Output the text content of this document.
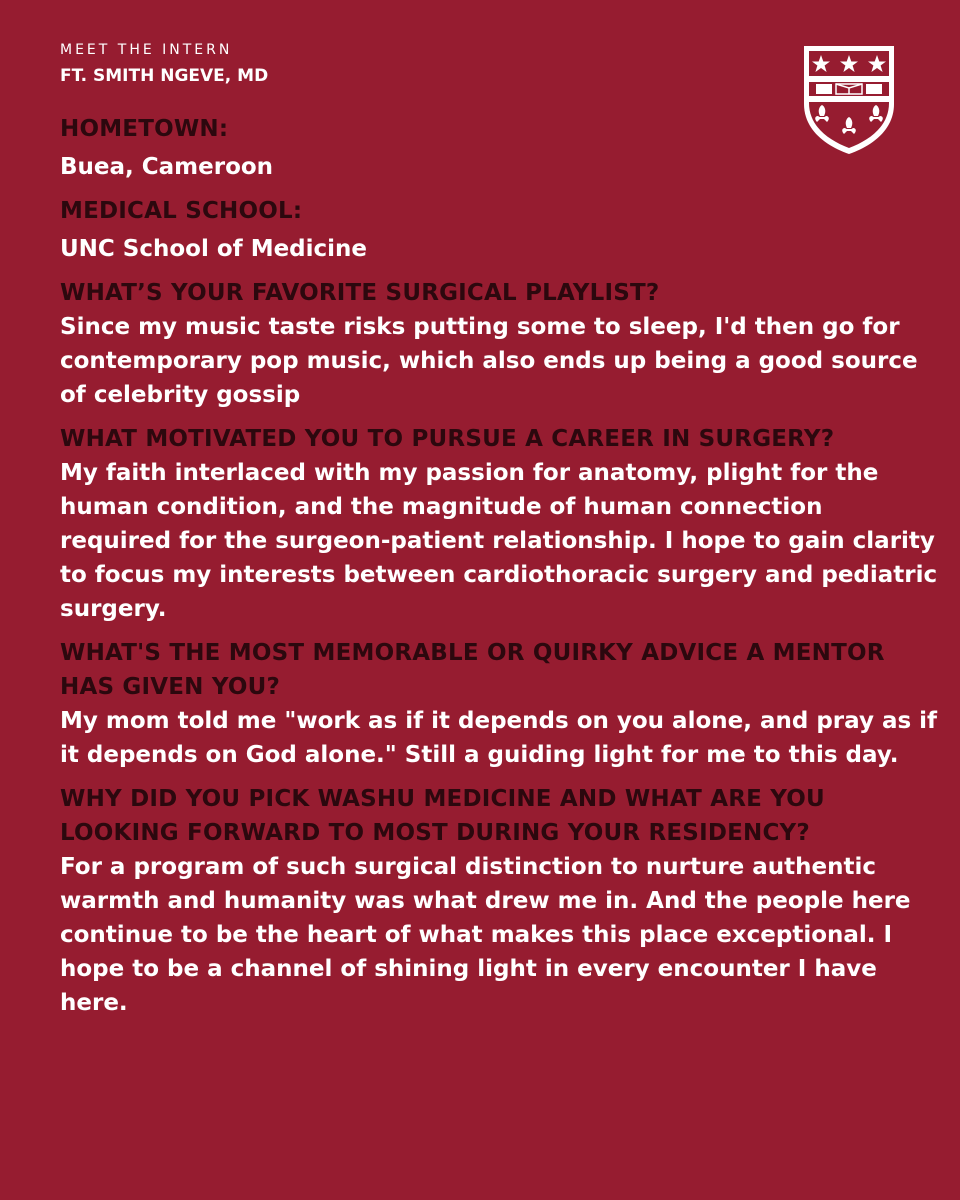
MEET THE INTERN
FT. SMITH NGEVE, MD
HOMETOWN:
Buea, Cameroon
MEDICAL SCHOOL:
UNC School of Medicine
WHAT’S YOUR FAVORITE SURGICAL PLAYLIST?
Since my music taste risks putting some to sleep, I'd then go for contemporary pop music, which also ends up being a good source of celebrity gossip
WHAT MOTIVATED YOU TO PURSUE A CAREER IN SURGERY?
My faith interlaced with my passion for anatomy, plight for the human condition, and the magnitude of human connection required for the surgeon-patient relationship. I hope to gain clarity to focus my interests between cardiothoracic surgery and pediatric surgery.
WHAT'S THE MOST MEMORABLE OR QUIRKY ADVICE A MENTOR HAS GIVEN YOU?
My mom told me "work as if it depends on you alone, and pray as if it depends on God alone." Still a guiding light for me to this day.
WHY DID YOU PICK WASHU MEDICINE AND WHAT ARE YOU LOOKING FORWARD TO MOST DURING YOUR RESIDENCY?
For a program of such surgical distinction to nurture authentic warmth and humanity was what drew me in. And the people here continue to be the heart of what makes this place exceptional. I hope to be a channel of shining light in every encounter I have here.
